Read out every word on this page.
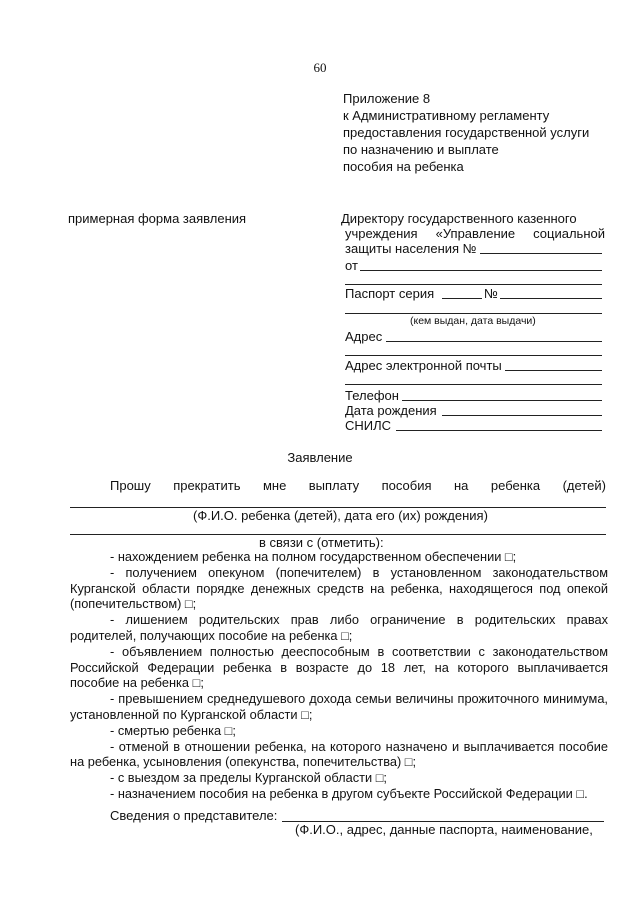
60
Приложение 8
к Административному регламенту
предоставления государственной услуги
по назначению и выплате
пособия на ребенка
примерная форма заявления	Директору государственного казенного
учреждения «Управление социальной
защиты населения №
от
Паспорт серия	№
(кем выдан, дата выдачи)
Адрес
Адрес электронной почты
Телефон
Дата рождения
СНИЛС
Заявление
Прошу прекратить мне выплату пособия на ребенка (детей)
(Ф.И.О. ребенка (детей), дата его (их) рождения)
в связи с (отметить):
- нахождением ребенка на полном государственном обеспечении □;
- получением опекуном (попечителем) в установленном законодательством Курганской области порядке денежных средств на ребенка, находящегося под опекой (попечительством) □;
- лишением родительских прав либо ограничение в родительских правах родителей, получающих пособие на ребенка □;
- объявлением полностью дееспособным в соответствии с законодательством Российской Федерации ребенка в возрасте до 18 лет, на которого выплачивается пособие на ребенка □;
- превышением среднедушевого дохода семьи величины прожиточного минимума, установленной по Курганской области □;
- смертью ребенка □;
- отменой в отношении ребенка, на которого назначено и выплачивается пособие на ребенка, усыновления (опекунства, попечительства) □;
- с выездом за пределы Курганской области □;
- назначением пособия на ребенка в другом субъекте Российской Федерации □.
Сведения о представителе:
(Ф.И.О., адрес, данные паспорта, наименование,
